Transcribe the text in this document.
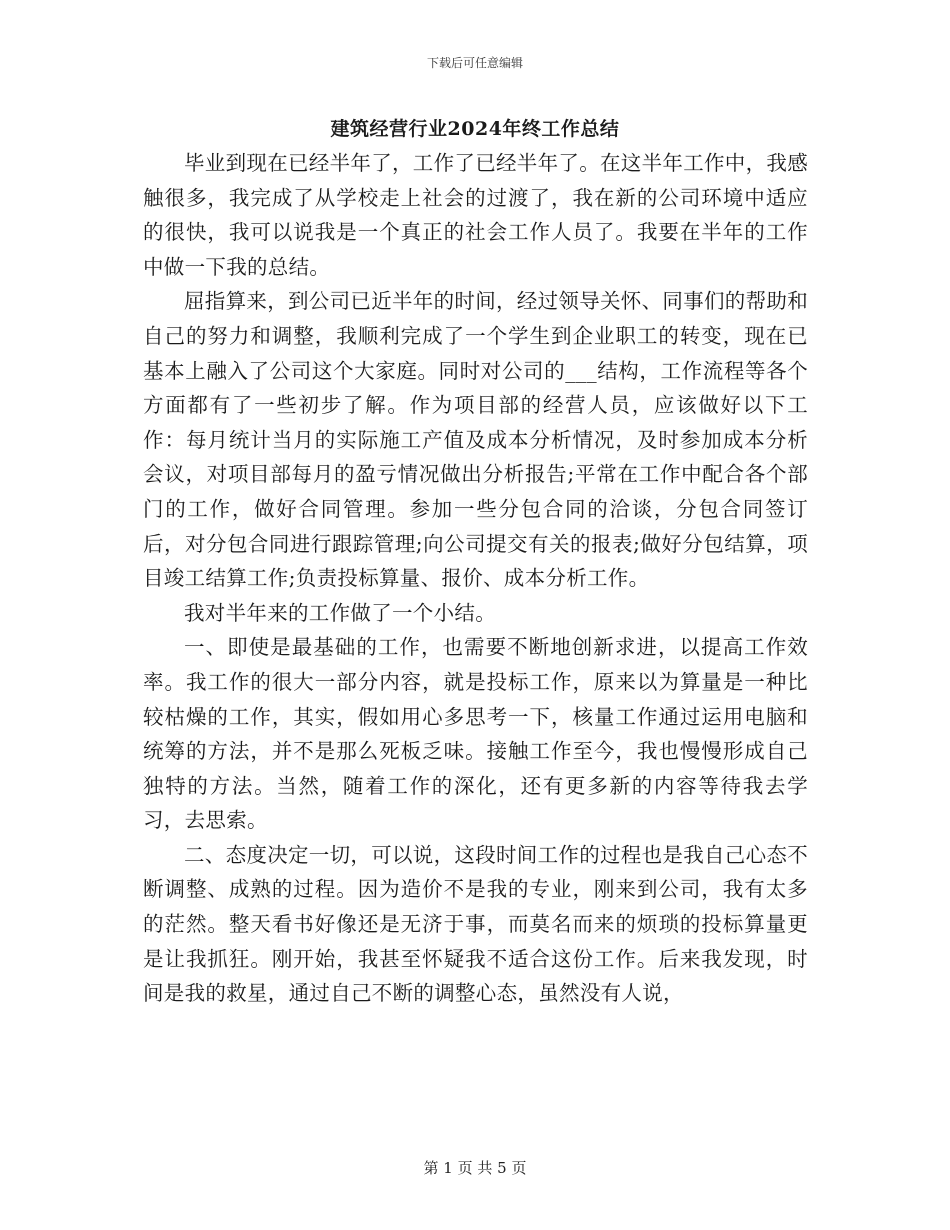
下载后可任意编辑
建筑经营行业2024年终工作总结

毕业到现在已经半年了，工作了已经半年了。在这半年工作中，我感触很多，我完成了从学校走上社会的过渡了，我在新的公司环境中适应的很快，我可以说我是一个真正的社会工作人员了。我要在半年的工作中做一下我的总结。

屈指算来，到公司已近半年的时间，经过领导关怀、同事们的帮助和自己的努力和调整，我顺利完成了一个学生到企业职工的转变，现在已基本上融入了公司这个大家庭。同时对公司的___结构，工作流程等各个方面都有了一些初步了解。作为项目部的经营人员，应该做好以下工作：每月统计当月的实际施工产值及成本分析情况，及时参加成本分析会议，对项目部每月的盈亏情况做出分析报告;平常在工作中配合各个部门的工作，做好合同管理。参加一些分包合同的洽谈，分包合同签订后，对分包合同进行跟踪管理;向公司提交有关的报表;做好分包结算，项目竣工结算工作;负责投标算量、报价、成本分析工作。

我对半年来的工作做了一个小结。

一、即使是最基础的工作，也需要不断地创新求进，以提高工作效率。我工作的很大一部分内容，就是投标工作，原来以为算量是一种比较枯燥的工作，其实，假如用心多思考一下，核量工作通过运用电脑和统筹的方法，并不是那么死板乏味。接触工作至今，我也慢慢形成自己独特的方法。当然，随着工作的深化，还有更多新的内容等待我去学习，去思索。

二、态度决定一切，可以说，这段时间工作的过程也是我自己心态不断调整、成熟的过程。因为造价不是我的专业，刚来到公司，我有太多的茫然。整天看书好像还是无济于事，而莫名而来的烦琐的投标算量更是让我抓狂。刚开始，我甚至怀疑我不适合这份工作。后来我发现，时间是我的救星，通过自己不断的调整心态，虽然没有人说，

第 1 页 共 5 页
